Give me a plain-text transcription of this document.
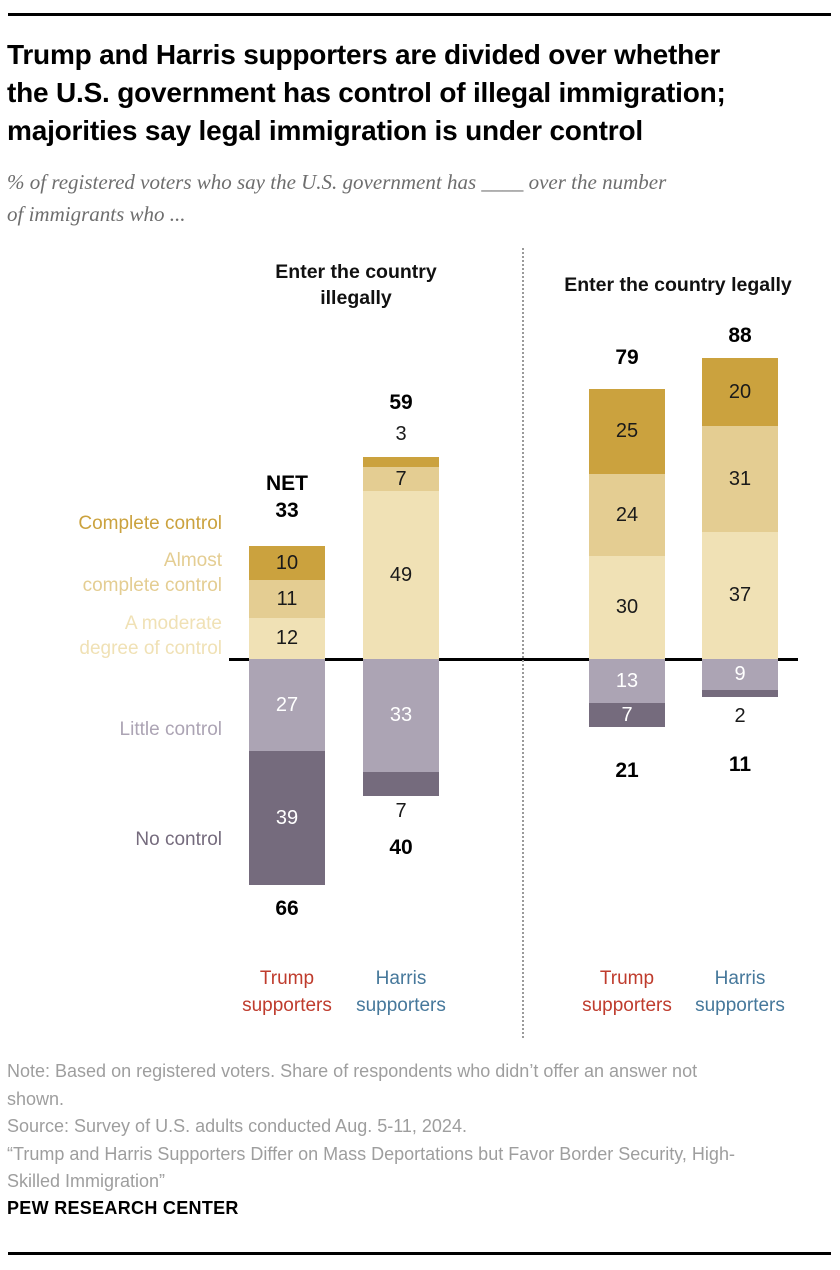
Trump and Harris supporters are divided over whether
the U.S. government has control of illegal immigration;
majorities say legal immigration is under control
% of registered voters who say the U.S. government has ____ over the number
of immigrants who ...
Complete control
Almost
complete control
A moderate
degree of control
Little control
No control
Enter the country
illegally
10
11
12
27
39
NET
33
66
Trump
supporters
7
49
33
59
3
7
40
Harris
supporters
Enter the country legally
25
24
30
13
7
79
21
Trump
supporters
20
31
37
9
88
2
11
Harris
supporters
Note: Based on registered voters. Share of respondents who didn’t offer an answer not
shown.
Source: Survey of U.S. adults conducted Aug. 5-11, 2024.
“Trump and Harris Supporters Differ on Mass Deportations but Favor Border Security, High-
Skilled Immigration”
PEW RESEARCH CENTER
